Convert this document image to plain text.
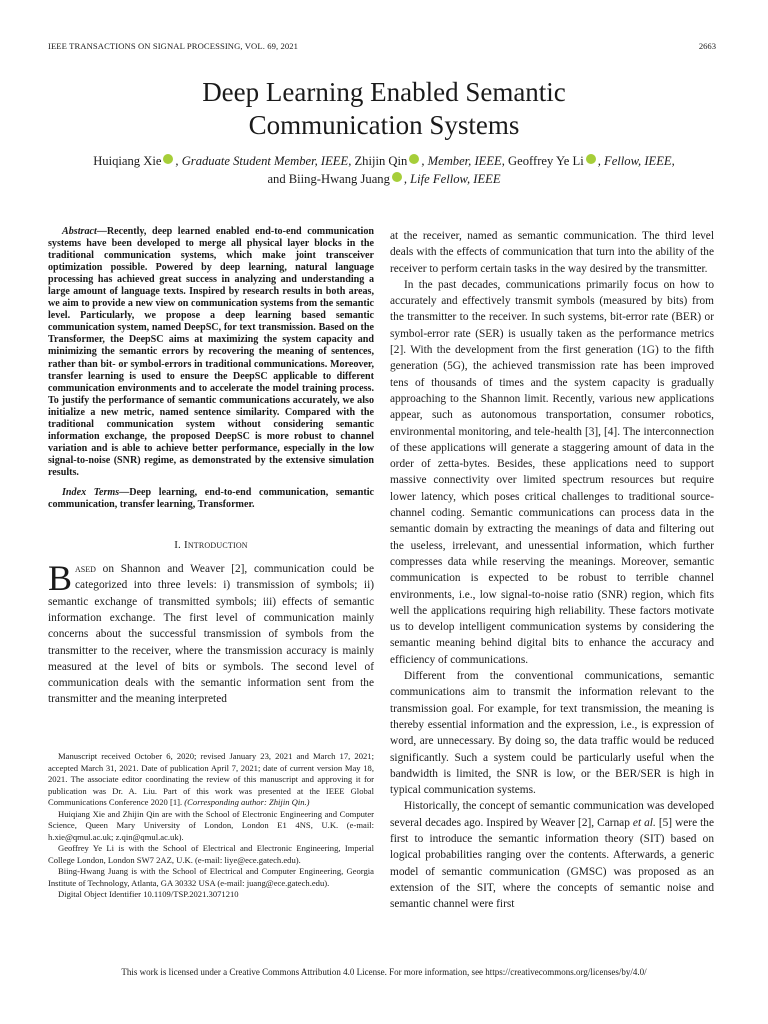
IEEE TRANSACTIONS ON SIGNAL PROCESSING, VOL. 69, 2021	2663
Deep Learning Enabled Semantic
Communication Systems
Huiqiang Xie , Graduate Student Member, IEEE, Zhijin Qin , Member, IEEE, Geoffrey Ye Li , Fellow, IEEE,
and Biing-Hwang Juang , Life Fellow, IEEE

Abstract—Recently, deep learned enabled end-to-end communication systems have been developed to merge all physical layer blocks in the traditional communication systems, which make joint transceiver optimization possible. Powered by deep learning, natural language processing has achieved great success in analyzing and understanding a large amount of language texts. Inspired by research results in both areas, we aim to provide a new view on communication systems from the semantic level. Particularly, we propose a deep learning based semantic communication system, named DeepSC, for text transmission. Based on the Transformer, the DeepSC aims at maximizing the system capacity and minimizing the semantic errors by recovering the meaning of sentences, rather than bit- or symbol-errors in traditional communications. Moreover, transfer learning is used to ensure the DeepSC applicable to different communication environments and to accelerate the model training process. To justify the performance of semantic communications accurately, we also initialize a new metric, named sentence similarity. Compared with the traditional communication system without considering semantic information exchange, the proposed DeepSC is more robust to channel variation and is able to achieve better performance, especially in the low signal-to-noise (SNR) regime, as demonstrated by the extensive simulation results.

Index Terms—Deep learning, end-to-end communication, semantic communication, transfer learning, Transformer.

I. Introduction

Based on Shannon and Weaver [2], communication could be categorized into three levels: i) transmission of symbols; ii) semantic exchange of transmitted symbols; iii) effects of semantic information exchange. The first level of communication mainly concerns about the successful transmission of symbols from the transmitter to the receiver, where the transmission accuracy is mainly measured at the level of bits or symbols. The second level of communication deals with the semantic information sent from the transmitter and the meaning interpreted

Manuscript received October 6, 2020; revised January 23, 2021 and March 17, 2021; accepted March 31, 2021. Date of publication April 7, 2021; date of current version May 18, 2021. The associate editor coordinating the review of this manuscript and approving it for publication was Dr. A. Liu. Part of this work was presented at the IEEE Global Communications Conference 2020 [1]. (Corresponding author: Zhijin Qin.)

Huiqiang Xie and Zhijin Qin are with the School of Electronic Engineering and Computer Science, Queen Mary University of London, London E1 4NS, U.K. (e-mail: h.xie@qmul.ac.uk; z.qin@qmul.ac.uk).

Geoffrey Ye Li is with the School of Electrical and Electronic Engineering, Imperial College London, London SW7 2AZ, U.K. (e-mail: liye@ece.gatech.edu).

Biing-Hwang Juang is with the School of Electrical and Computer Engineering, Georgia Institute of Technology, Atlanta, GA 30332 USA (e-mail: juang@ece.gatech.edu).

Digital Object Identifier 10.1109/TSP.2021.3071210

at the receiver, named as semantic communication. The third level deals with the effects of communication that turn into the ability of the receiver to perform certain tasks in the way desired by the transmitter.

In the past decades, communications primarily focus on how to accurately and effectively transmit symbols (measured by bits) from the transmitter to the receiver. In such systems, bit-error rate (BER) or symbol-error rate (SER) is usually taken as the performance metrics [2]. With the development from the first generation (1G) to the fifth generation (5G), the achieved transmission rate has been improved tens of thousands of times and the system capacity is gradually approaching to the Shannon limit. Recently, various new applications appear, such as autonomous transportation, consumer robotics, environmental monitoring, and tele-health [3], [4]. The interconnection of these applications will generate a staggering amount of data in the order of zetta-bytes. Besides, these applications need to support massive connectivity over limited spectrum resources but require lower latency, which poses critical challenges to traditional source-channel coding. Semantic communications can process data in the semantic domain by extracting the meanings of data and filtering out the useless, irrelevant, and unessential information, which further compresses data while reserving the meanings. Moreover, semantic communication is expected to be robust to terrible channel environments, i.e., low signal-to-noise ratio (SNR) region, which fits well the applications requiring high reliability. These factors motivate us to develop intelligent communication systems by considering the semantic meaning behind digital bits to enhance the accuracy and efficiency of communications.

Different from the conventional communications, semantic communications aim to transmit the information relevant to the transmission goal. For example, for text transmission, the meaning is thereby essential information and the expression, i.e., is expression of word, are unnecessary. By doing so, the data traffic would be reduced significantly. Such a system could be particularly useful when the bandwidth is limited, the SNR is low, or the BER/SER is high in typical communication systems.

Historically, the concept of semantic communication was developed several decades ago. Inspired by Weaver [2], Carnap et al. [5] were the first to introduce the semantic information theory (SIT) based on logical probabilities ranging over the contents. Afterwards, a generic model of semantic communication (GMSC) was proposed as an extension of the SIT, where the concepts of semantic noise and semantic channel were first

This work is licensed under a Creative Commons Attribution 4.0 License. For more information, see https://creativecommons.org/licenses/by/4.0/
